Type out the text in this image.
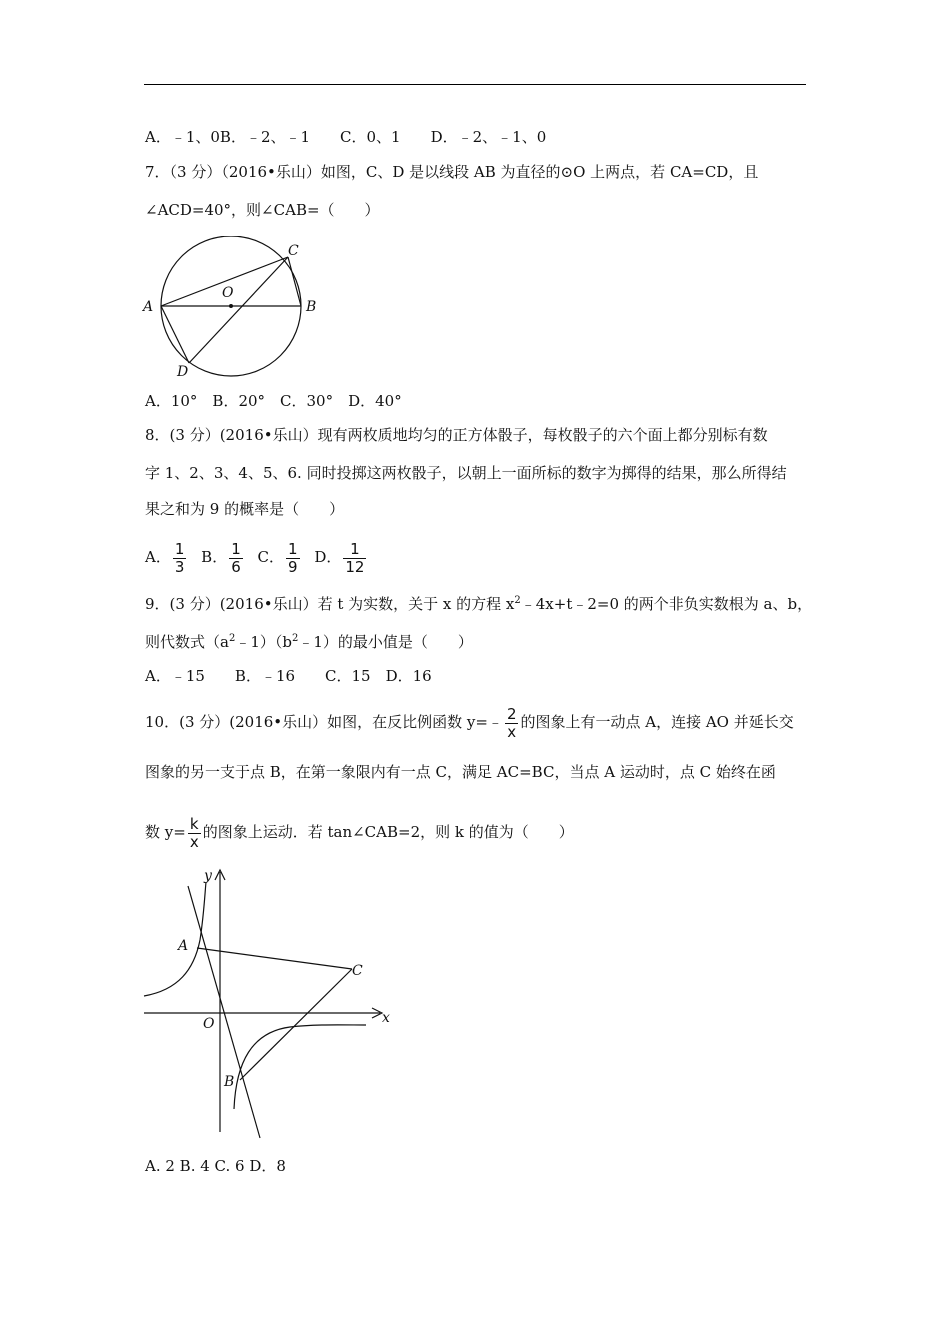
A．﹣1、0B．﹣2、﹣1　　C．0、1　　D．﹣2、﹣1、0
7．（3 分）（2016•乐山）如图，C、D 是以线段 AB 为直径的⊙O 上两点，若 CA=CD，且
∠ACD=40°，则∠CAB=（　　）
A	B
C
D
O
A．10°　B．20°　C．30°　D．40°
8．(3 分）(2016•乐山）现有两枚质地均匀的正方体骰子，每枚骰子的六个面上都分别标有数
字 1、2、3、4、5、6. 同时投掷这两枚骰子，以朝上一面所标的数字为掷得的结果，那么所得结
果之和为 9 的概率是（　　）
A． $\frac{1}{3}$ B． $\frac{1}{6}$ C． $\frac{1}{9}$ D． $\frac{1}{12}$
9．(3 分）(2016•乐山）若 t 为实数，关于 x 的方程 $x^2﹣4x+t﹣2=0$ 的两个非负实数根为 a、b，
则代数式$(a^2﹣1)(b^2﹣1)$的最小值是（　　）
A．﹣15　　B．﹣16　　C．15　D．16
10．(3 分）(2016•乐山）如图，在反比例函数 y=﹣ $\frac{2}{x}$ 的图象上有一动点 A，连接 AO 并延长交
图象的另一支于点 B，在第一象限内有一点 C，满足 AC=BC，当点 A 运动时，点 C 始终在函
数 $y= \frac{k}{x}$ 的图象上运动．若 tan∠CAB=2，则 k 的值为（　　）
y
x
A
C
O
B
A. 2 B. 4 C. 6 D．8
